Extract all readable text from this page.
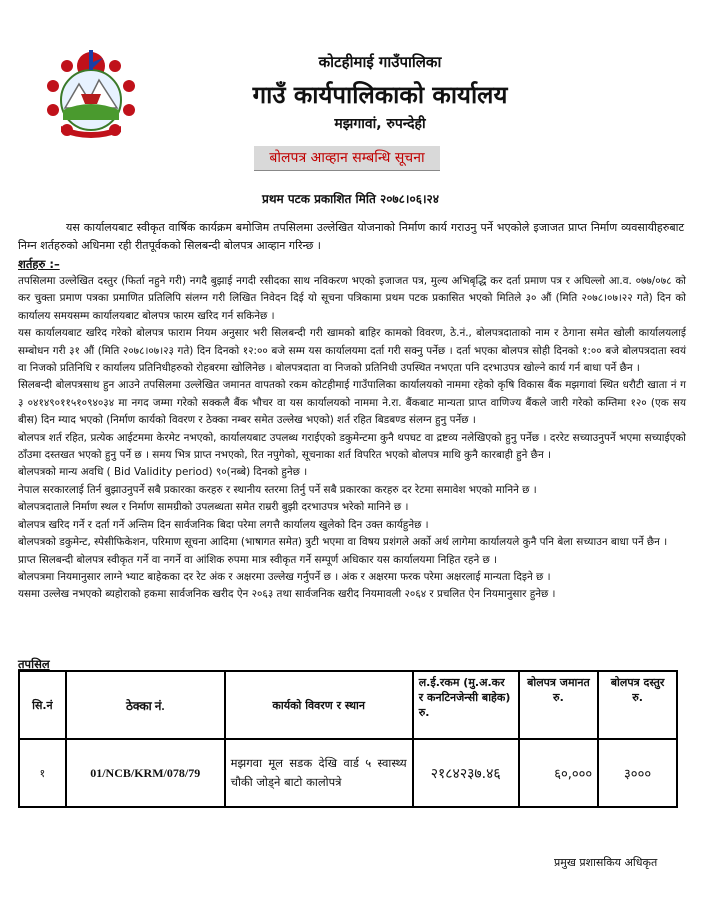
कोटहीमाई गाउँपालिका
गाउँ कार्यपालिकाको कार्यालय
मझगावां, रुपन्देही
बोलपत्र आव्हान सम्बन्धि सूचना
प्रथम पटक प्रकाशित मिति २०७८।०६।२४
यस कार्यालयबाट स्वीकृत वार्षिक कार्यक्रम बमोजिम तपसिलमा उल्लेखित योजनाको निर्माण कार्य गराउनु पर्ने भएकोले इजाजत प्राप्त निर्माण व्यवसायीहरुबाट निम्न शर्तहरुको अधिनमा रही रीतपूर्वकको सिलबन्दी बोलपत्र आव्हान गरिन्छ ।
शर्तहरु :–

तपसिलमा उल्लेखित दस्तुर (फिर्ता नहुने गरी) नगदै बुझाई नगदी रसीदका साथ नविकरण भएको इजाजत पत्र, मुल्य अभिबृद्धि कर दर्ता प्रमाण पत्र र अघिल्लो आ.व. ०७७/०७८ को कर चुक्ता प्रमाण पत्रका प्रमाणित प्रतिलिपि संलग्न गरी लिखित निवेदन दिई यो सूचना पत्रिकामा प्रथम पटक प्रकासित भएको मितिले ३० औं (मिति २०७८।०७।२२ गते) दिन को कार्यालय समयसम्म कार्यालयबाट बोलपत्र फारम खरिद गर्न सकिनेछ ।

यस कार्यालयबाट खरिद गरेको बोलपत्र फाराम नियम अनुसार भरी सिलबन्दी गरी खामको बाहिर कामको विवरण, ठे.नं., बोलपत्रदाताको नाम र ठेगाना समेत खोली कार्यालयलाई सम्बोधन गरी ३१ औं (मिति २०७८।०७।२३ गते) दिन दिनको १२:०० बजे सम्म यस कार्यालयमा दर्ता गरी सक्नु पर्नेछ । दर्ता भएका बोलपत्र सोही दिनको १:०० बजे बोलपत्रदाता स्वयं वा निजको प्रतिनिधि र कार्यालय प्रतिनिधीहरुको रोहबरमा खोलिनेछ । बोलपत्रदाता वा निजको प्रतिनिधी उपस्थित नभएता पनि दरभाउपत्र खोल्ने कार्य गर्न बाधा पर्ने छैन ।

सिलबन्दी बोलपत्रसाथ हुन आउने तपसिलमा उल्लेखित जमानत वापतको रकम कोटहीमाई गाउँपालिका कार्यालयको नाममा रहेको कृषि विकास बैंक मझगावां स्थित धरौटी खाता नं ग ३ ०४१४९०११५१०९४०३४ मा नगद जम्मा गरेको सक्कलै बैंक भौचर वा यस कार्यालयको नाममा ने.रा. बैंकबाट मान्यता प्राप्त वाणिज्य बैंकले जारी गरेको कम्तिमा १२० (एक सय बीस) दिन म्याद भएको (निर्माण कार्यको विवरण र ठेक्का नम्बर समेत उल्लेख भएको) शर्त रहित बिडबण्ड संलग्न हुनु पर्नेछ ।

बोलपत्र शर्त रहित, प्रत्येक आईटममा केरमेट नभएको, कार्यालयबाट उपलब्ध गराईएको डकुमेन्टमा कुनै थपघट वा द्रष्टव्य नलेखिएको हुनु पर्नेछ । दररेट सच्याउनुपर्ने भएमा सच्याईएको ठाँउमा दस्तखत भएको हुनु पर्ने छ । समय भित्र प्राप्त नभएको, रित नपुगेको, सूचनाका शर्त विपरित भएको बोलपत्र माथि कुनै कारबाही हुने छैन ।

बोलपत्रको मान्य अवधि ( Bid Validity period) ९०(नब्बे) दिनको हुनेछ ।

नेपाल सरकारलाई तिर्न बुझाउनुपर्ने सबै प्रकारका करहरु र स्थानीय स्तरमा तिर्नु पर्ने सबै प्रकारका करहरु दर रेटमा समावेश भएको मानिने छ ।

बोलपत्रदाताले निर्माण स्थल र निर्माण सामग्रीको उपलब्धता समेत राम्ररी बुझी दरभाउपत्र भरेको मानिने छ ।

बोलपत्र खरिद गर्ने र दर्ता गर्ने अन्तिम दिन सार्वजनिक बिदा परेमा लगत्तै कार्यालय खुलेको दिन उक्त कार्यहुनेछ ।

बोलपत्रको डकुमेन्ट, स्पेसीफिकेशन, परिमाण सूचना आदिमा (भाषागत समेत) त्रुटी भएमा वा विषय प्रशंगले अर्को अर्थ लागेमा कार्यालयले कुनै पनि बेला सच्याउन बाधा पर्ने छैन ।

प्राप्त सिलबन्दी बोलपत्र स्वीकृत गर्ने वा नगर्ने वा आंशिक रुपमा मात्र स्वीकृत गर्ने सम्पूर्ण अधिकार यस कार्यालयमा निहित रहने छ ।

बोलपत्रमा नियमानुसार लाग्ने भ्याट बाहेकका दर रेट अंक र अक्षरमा उल्लेख गर्नुपर्ने छ । अंक र अक्षरमा फरक परेमा अक्षरलाई मान्यता दिइने छ ।

यसमा उल्लेख नभएको ब्यहोराको हकमा सार्वजनिक खरीद ऐन २०६३ तथा सार्वजनिक खरीद नियमावली २०६४ र प्रचलित ऐन नियमानुसार हुनेछ ।

तपसिल
सि.नं	ठेक्का नं.	कार्यको विवरण र स्थान	ल.ई.रकम (मु.अ.कर र कनटिनजेन्सी बाहेक) रु.	बोलपत्र जमानत रु.	बोलपत्र दस्तुर रु.
१	01/NCB/KRM/078/79	मझगवा मूल सडक देखि वार्ड ५ स्वास्थ्य चौकी जोड्ने बाटो कालोपत्रे	२१८४२३७.४६	६०,०००	३०००
प्रमुख प्रशासकिय अधिकृत
